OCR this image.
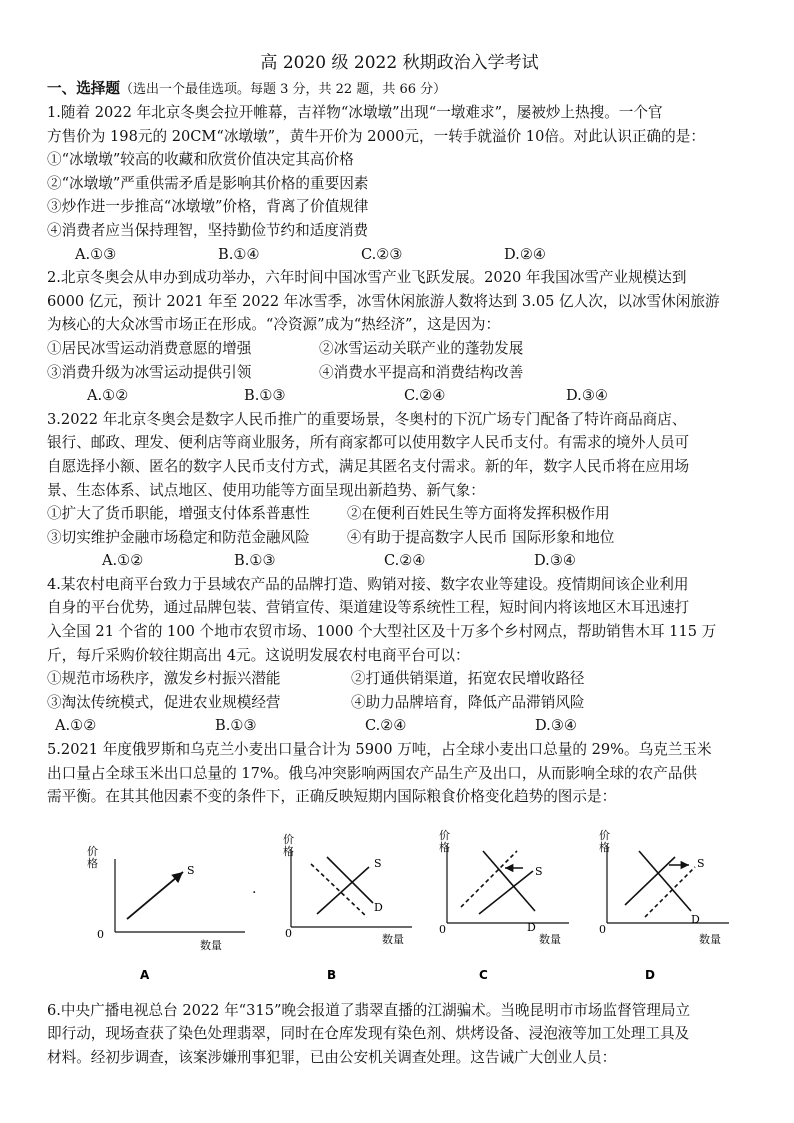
高 2020 级 2022 秋期政治入学考试
一、选择题（选出一个最佳选项。每题 3 分，共 22 题，共 66 分）
1.随着 2022 年北京冬奥会拉开帷幕，吉祥物“冰墩墩”出现“一墩难求”，屡被炒上热搜。一个官
方售价为 198元的 20CM“冰墩墩”，黄牛开价为 2000元，一转手就溢价 10倍。对此认识正确的是：
①“冰墩墩”较高的收藏和欣赏价值决定其高价格
②“冰墩墩”严重供需矛盾是影响其价格的重要因素
③炒作进一步推高“冰墩墩”价格，背离了价值规律
④消费者应当保持理智，坚持勤俭节约和适度消费
A.①③	B.①④	C.②③	D.②④
2.北京冬奥会从申办到成功举办，六年时间中国冰雪产业飞跃发展。2020 年我国冰雪产业规模达到
6000 亿元，预计 2021 年至 2022 年冰雪季，冰雪休闲旅游人数将达到 3.05 亿人次，以冰雪休闲旅游
为核心的大众冰雪市场正在形成。“冷资源”成为“热经济”，这是因为：
①居民冰雪运动消费意愿的增强	②冰雪运动关联产业的蓬勃发展
③消费升级为冰雪运动提供引领	④消费水平提高和消费结构改善
A.①②	B.①③	C.②④	D.③④
3.2022 年北京冬奥会是数字人民币推广的重要场景，冬奥村的下沉广场专门配备了特许商品商店、
银行、邮政、理发、便利店等商业服务，所有商家都可以使用数字人民币支付。有需求的境外人员可
自愿选择小额、匿名的数字人民币支付方式，满足其匿名支付需求。新的年，数字人民币将在应用场
景、生态体系、试点地区、使用功能等方面呈现出新趋势、新气象：
①扩大了货币职能，增强支付体系普惠性	②在便利百姓民生等方面将发挥积极作用
③切实维护金融市场稳定和防范金融风险	④有助于提高数字人民币 国际形象和地位
A.①②	B.①③	C.②④	D.③④
4.某农村电商平台致力于县域农产品的品牌打造、购销对接、数字农业等建设。疫情期间该企业利用
自身的平台优势，通过品牌包装、营销宣传、渠道建设等系统性工程，短时间内将该地区木耳迅速打
入全国 21 个省的 100 个地市农贸市场、1000 个大型社区及十万多个乡村网点，帮助销售木耳 115 万
斤，每斤采购价较往期高出 4元。这说明发展农村电商平台可以：
①规范市场秩序，激发乡村振兴潜能	②打通供销渠道，拓宽农民增收路径
③淘汰传统模式，促进农业规模经营	④助力品牌培育，降低产品滞销风险
A.①②	B.①③	C.②④	D.③④
5.2021 年度俄罗斯和乌克兰小麦出口量合计为 5900 万吨，占全球小麦出口总量的 29%。乌克兰玉米
出口量占全球玉米出口总量的 17%。俄乌冲突影响两国农产品生产及出口，从而影响全球的农产品供
需平衡。在其其他因素不变的条件下，正确反映短期内国际粮食价格变化趋势的图示是：
价格
S
0
数量
A
.
价格
S
D
0	数量
B
价格
S
D
0
数量
C
价格
S
D
0
数量
D
6.中央广播电视总台 2022 年“315”晚会报道了翡翠直播的江湖骗术。当晚昆明市市场监督管理局立
即行动，现场查获了染色处理翡翠，同时在仓库发现有染色剂、烘烤设备、浸泡液等加工处理工具及
材料。经初步调查，该案涉嫌刑事犯罪，已由公安机关调查处理。这告诫广大创业人员：
